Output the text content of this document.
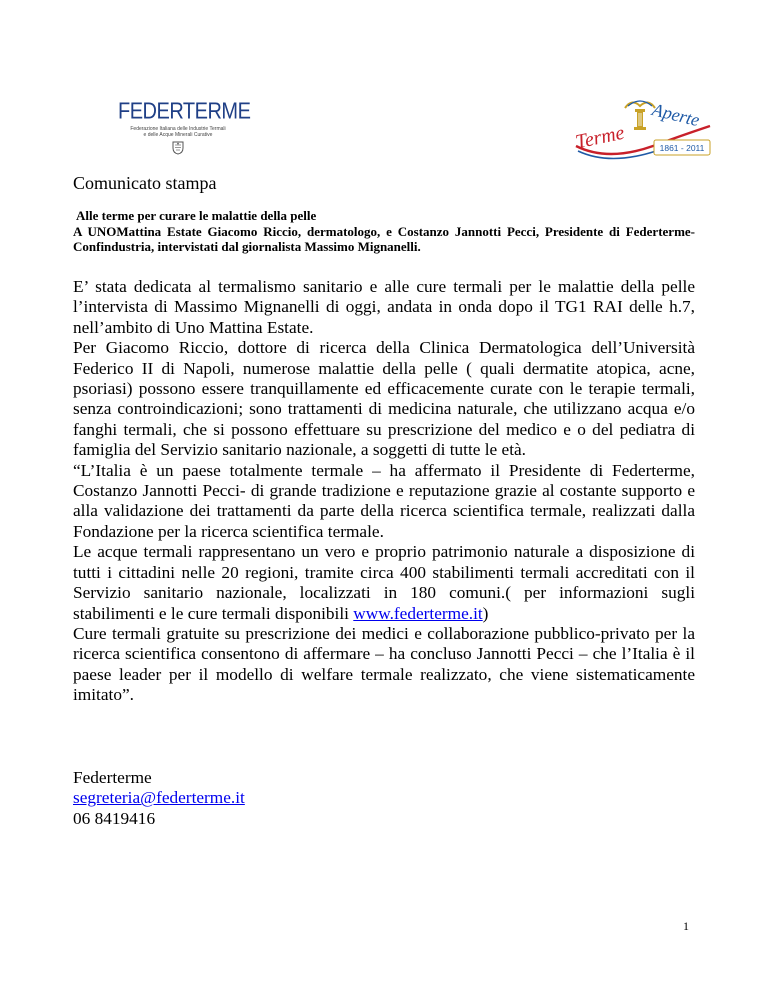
FEDERTERME
Federazione Italiana delle Industrie Termali
e delle Acque Minerali Curative	Terme
Aperte
1861 - 2011
Comunicato stampa
Alle terme per curare le malattie della pelle
A UNOMattina Estate Giacomo Riccio, dermatologo, e Costanzo Jannotti Pecci, Presidente di Federterme-Confindustria, intervistati dal giornalista Massimo Mignanelli.

E’ stata dedicata al termalismo sanitario e alle cure termali per le malattie della pelle l’intervista di Massimo Mignanelli di oggi, andata in onda dopo il TG1 RAI delle h.7, nell’ambito di Uno Mattina Estate.

Per Giacomo Riccio, dottore di ricerca della Clinica Dermatologica dell’Università Federico II di Napoli, numerose malattie della pelle ( quali dermatite atopica, acne, psoriasi) possono essere tranquillamente ed efficacemente curate con le terapie termali, senza controindicazioni; sono trattamenti di medicina naturale, che utilizzano acqua e/o fanghi termali, che si possono effettuare su prescrizione del medico e o del pediatra di famiglia del Servizio sanitario nazionale, a soggetti di tutte le età.

“L’Italia è un paese totalmente termale – ha affermato il Presidente di Federterme, Costanzo Jannotti Pecci- di grande tradizione e reputazione grazie al costante supporto e alla validazione dei trattamenti da parte della ricerca scientifica termale, realizzati dalla Fondazione per la ricerca scientifica termale.

Le acque termali rappresentano un vero e proprio patrimonio naturale a disposizione di tutti i cittadini nelle 20 regioni, tramite circa 400 stabilimenti termali accreditati con il Servizio sanitario nazionale, localizzati in 180 comuni.( per informazioni sugli stabilimenti e le cure termali disponibili www.federterme.it)

Cure termali gratuite su prescrizione dei medici e collaborazione pubblico-privato per la ricerca scientifica consentono di affermare – ha concluso Jannotti Pecci – che l’Italia è il paese leader per il modello di welfare termale realizzato, che viene sistematicamente imitato”.

Federterme
segreteria@federterme.it
06 8419416
1
